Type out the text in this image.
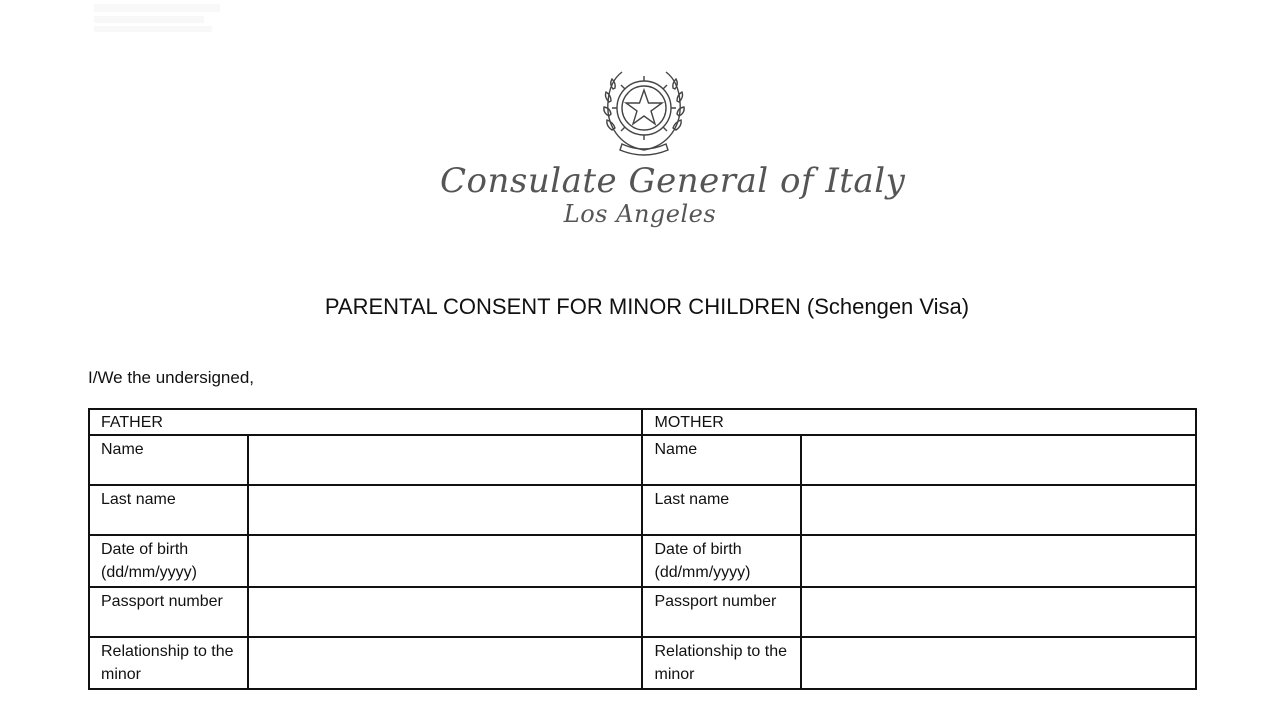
Consulate General of Italy
Los Angeles
PARENTAL CONSENT FOR MINOR CHILDREN (Schengen Visa)
I/We the undersigned,
FATHER		MOTHER	
Name		Name	
Last name		Last name	
Date of birth (dd/mm/yyyy)		Date of birth (dd/mm/yyyy)	
Passport number		Passport number	
Relationship to the minor		Relationship to the minor	
